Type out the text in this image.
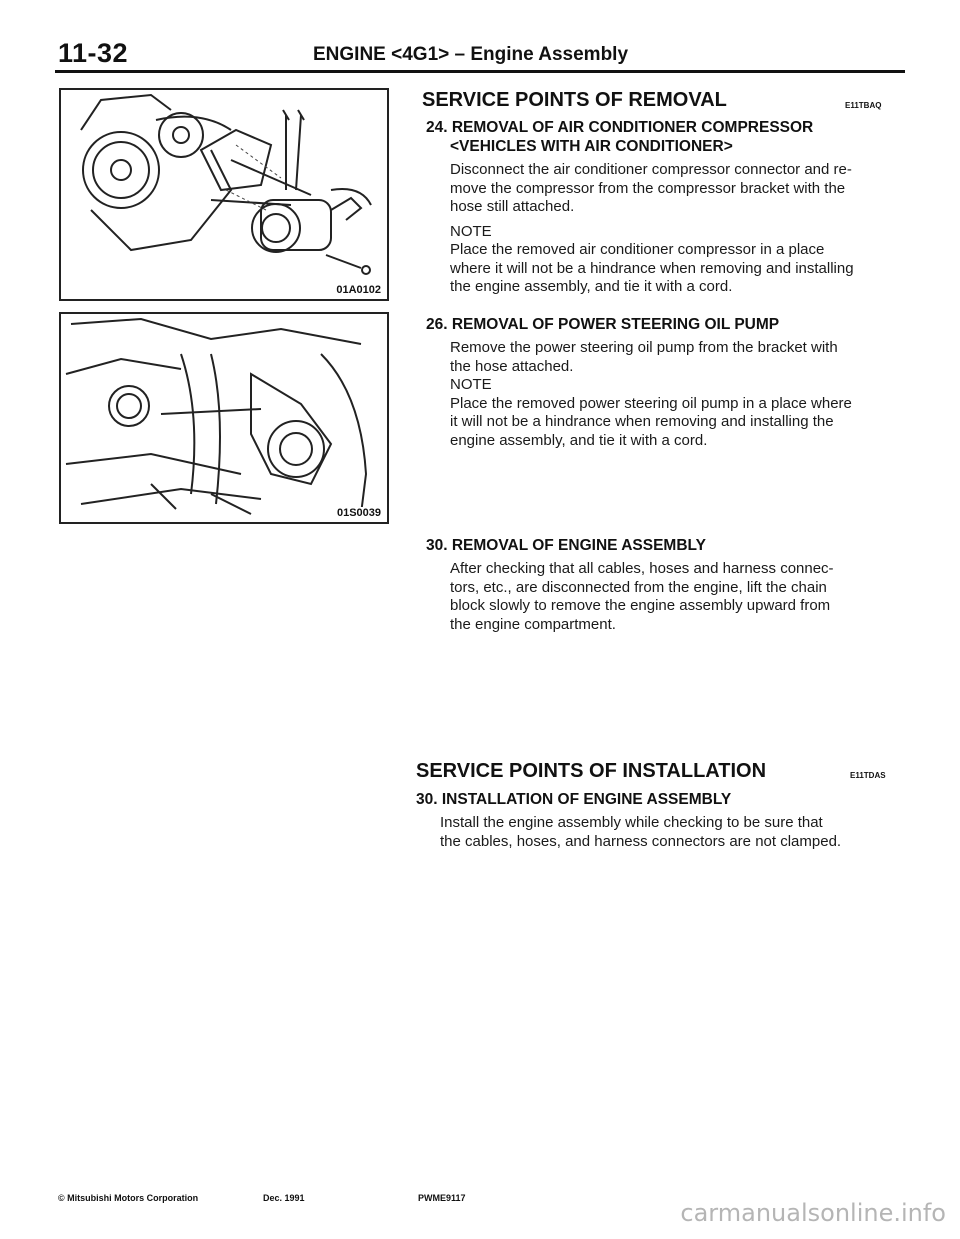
11-32	ENGINE <4G1> – Engine Assembly
01A0102
01S0039
SERVICE POINTS OF REMOVAL	E11TBAQ
24. REMOVAL OF AIR CONDITIONER COMPRESSOR
<VEHICLES WITH AIR CONDITIONER>
Disconnect the air conditioner compressor connector and re-
move the compressor from the compressor bracket with the
hose still attached.
NOTE
Place the removed air conditioner compressor in a place
where it will not be a hindrance when removing and installing
the engine assembly, and tie it with a cord.
26. REMOVAL OF POWER STEERING OIL PUMP
Remove the power steering oil pump from the bracket with
the hose attached.
NOTE
Place the removed power steering oil pump in a place where
it will not be a hindrance when removing and installing the
engine assembly, and tie it with a cord.
30. REMOVAL OF ENGINE ASSEMBLY
After checking that all cables, hoses and harness connec-
tors, etc., are disconnected from the engine, lift the chain
block slowly to remove the engine assembly upward from
the engine compartment.
SERVICE POINTS OF INSTALLATION	E11TDAS
30. INSTALLATION OF ENGINE ASSEMBLY
Install the engine assembly while checking to be sure that
the cables, hoses, and harness connectors are not clamped.
© Mitsubishi Motors Corporation	Dec. 1991	PWME9117
carmanualsonline.info
